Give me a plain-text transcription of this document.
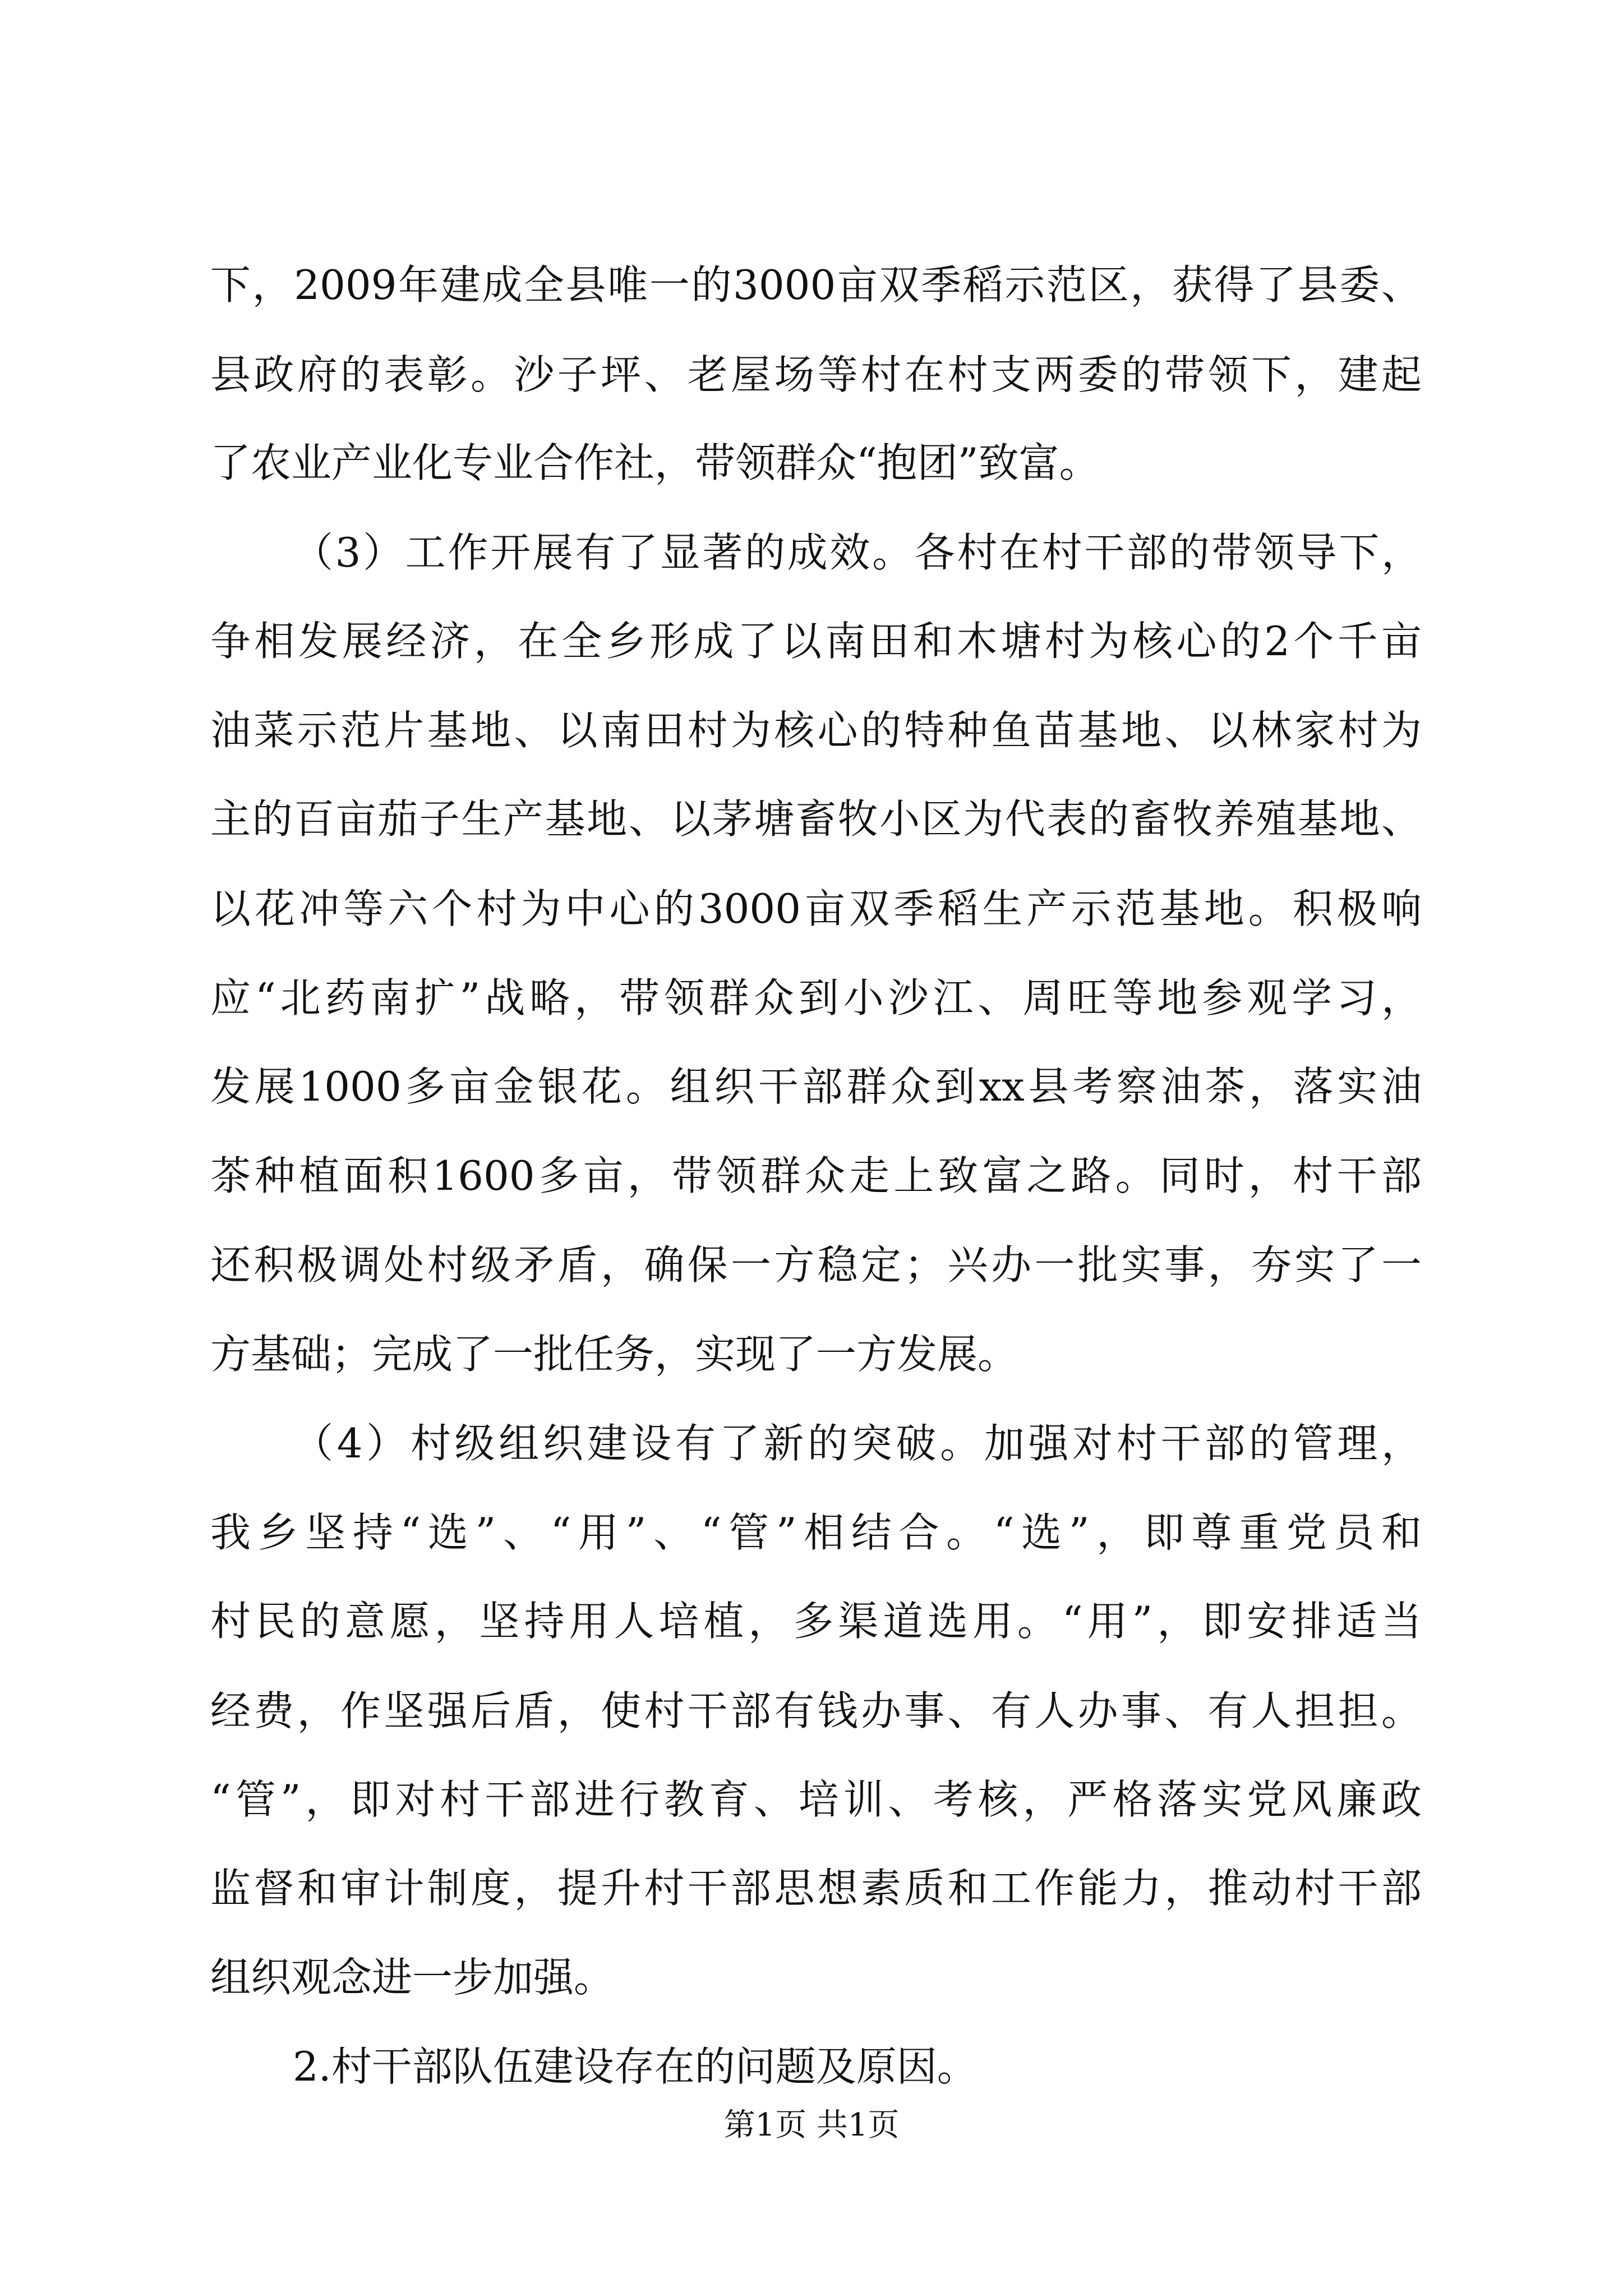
下，2009年建成全县唯一的3000亩双季稻示范区，获得了县委、
县政府的表彰。沙子坪、老屋场等村在村支两委的带领下，建起
了农业产业化专业合作社，带领群众“抱团”致富。
（3）工作开展有了显著的成效。各村在村干部的带领导下，
争相发展经济，在全乡形成了以南田和木塘村为核心的2个千亩
油菜示范片基地、以南田村为核心的特种鱼苗基地、以林家村为
主的百亩茄子生产基地、以茅塘畜牧小区为代表的畜牧养殖基地、
以花冲等六个村为中心的3000亩双季稻生产示范基地。积极响
应“北药南扩”战略，带领群众到小沙江、周旺等地参观学习，
发展1000多亩金银花。组织干部群众到xx县考察油茶，落实油
茶种植面积1600多亩，带领群众走上致富之路。同时，村干部
还积极调处村级矛盾，确保一方稳定；兴办一批实事，夯实了一
方基础；完成了一批任务，实现了一方发展。
（4）村级组织建设有了新的突破。加强对村干部的管理，
我乡坚持“选”、“用”、“管”相结合。“选”，即尊重党员和
村民的意愿，坚持用人培植，多渠道选用。“用”，即安排适当
经费，作坚强后盾，使村干部有钱办事、有人办事、有人担担。
“管”，即对村干部进行教育、培训、考核，严格落实党风廉政
监督和审计制度，提升村干部思想素质和工作能力，推动村干部
组织观念进一步加强。
2.村干部队伍建设存在的问题及原因。
第1页 共1页
